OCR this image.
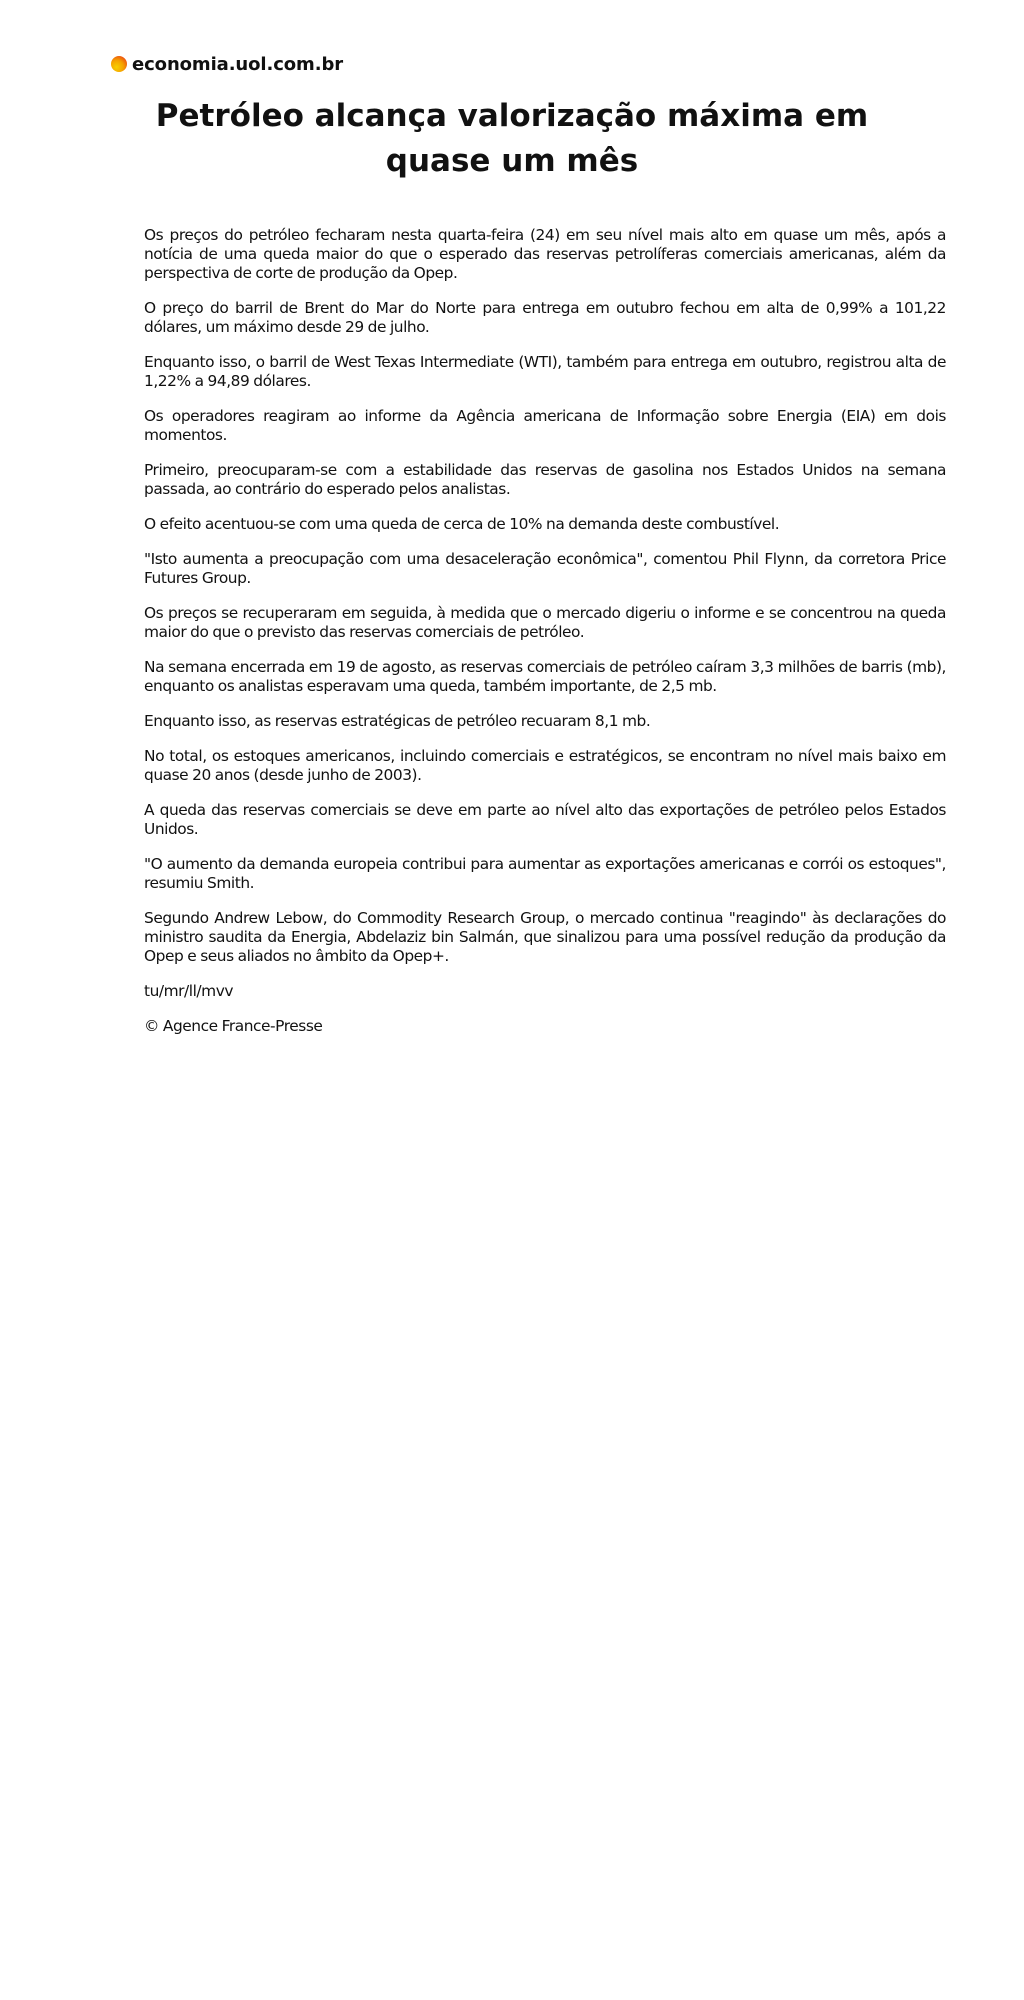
economia.uol.com.br
Petróleo alcança valorização máxima em quase um mês

Os preços do petróleo fecharam nesta quarta-feira (24) em seu nível mais alto em quase um mês, após a notícia de uma queda maior do que o esperado das reservas petrolíferas comerciais americanas, além da perspectiva de corte de produção da Opep.

O preço do barril de Brent do Mar do Norte para entrega em outubro fechou em alta de 0,99% a 101,22 dólares, um máximo desde 29 de julho.

Enquanto isso, o barril de West Texas Intermediate (WTI), também para entrega em outubro, registrou alta de 1,22% a 94,89 dólares.

Os operadores reagiram ao informe da Agência americana de Informação sobre Energia (EIA) em dois momentos.

Primeiro, preocuparam-se com a estabilidade das reservas de gasolina nos Estados Unidos na semana passada, ao contrário do esperado pelos analistas.

O efeito acentuou-se com uma queda de cerca de 10% na demanda deste combustível.

"Isto aumenta a preocupação com uma desaceleração econômica", comentou Phil Flynn, da corretora Price Futures Group.

Os preços se recuperaram em seguida, à medida que o mercado digeriu o informe e se concentrou na queda maior do que o previsto das reservas comerciais de petróleo.

Na semana encerrada em 19 de agosto, as reservas comerciais de petróleo caíram 3,3 milhões de barris (mb), enquanto os analistas esperavam uma queda, também importante, de 2,5 mb.

Enquanto isso, as reservas estratégicas de petróleo recuaram 8,1 mb.

No total, os estoques americanos, incluindo comerciais e estratégicos, se encontram no nível mais baixo em quase 20 anos (desde junho de 2003).

A queda das reservas comerciais se deve em parte ao nível alto das exportações de petróleo pelos Estados Unidos.

"O aumento da demanda europeia contribui para aumentar as exportações americanas e corrói os estoques", resumiu Smith.

Segundo Andrew Lebow, do Commodity Research Group, o mercado continua "reagindo" às declarações do ministro saudita da Energia, Abdelaziz bin Salmán, que sinalizou para uma possível redução da produção da Opep e seus aliados no âmbito da Opep+.

tu/mr/ll/mvv

© Agence France-Presse
